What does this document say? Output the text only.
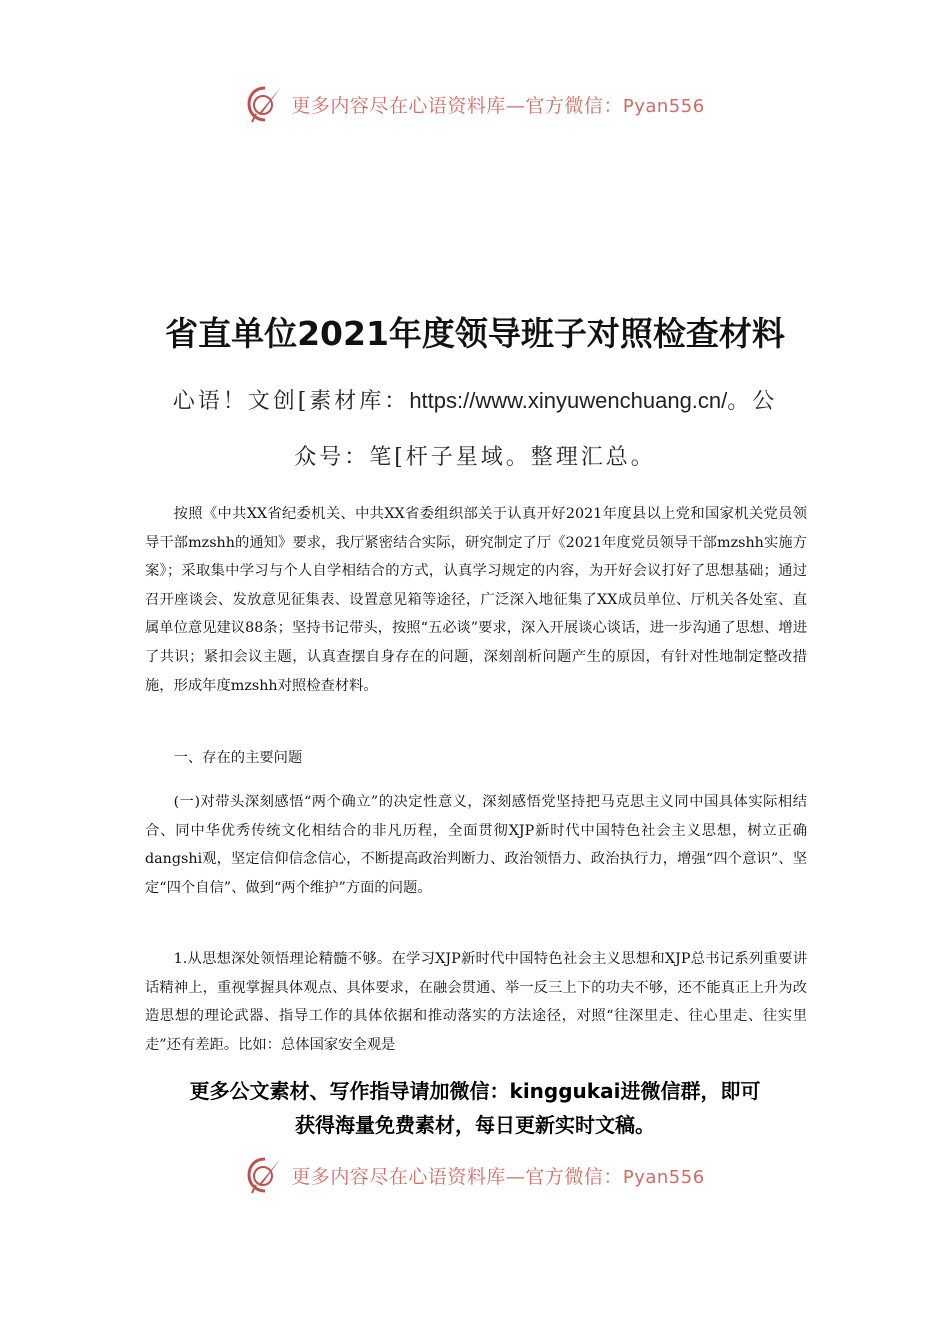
更多内容尽在心语资料库—官方微信：Pyan556
省直单位2021年度领导班子对照检查材料
心语！文创[素材库：https://www.xinyuwenchuang.cn/。公
众号：笔[杆子星域。整理汇总。

按照《中共XX省纪委机关、中共XX省委组织部关于认真开好2021年度县以上党和国家机关党员领导干部mzshh的通知》要求，我厅紧密结合实际，研究制定了厅《2021年度党员领导干部mzshh实施方案》；采取集中学习与个人自学相结合的方式，认真学习规定的内容，为开好会议打好了思想基础；通过召开座谈会、发放意见征集表、设置意见箱等途径，广泛深入地征集了XX成员单位、厅机关各处室、直属单位意见建议88条；坚持书记带头，按照“五必谈”要求，深入开展谈心谈话，进一步沟通了思想、增进了共识；紧扣会议主题，认真查摆自身存在的问题，深刻剖析问题产生的原因，有针对性地制定整改措施，形成年度mzshh对照检查材料。

一、存在的主要问题

(一)对带头深刻感悟“两个确立”的决定性意义，深刻感悟党坚持把马克思主义同中国具体实际相结合、同中华优秀传统文化相结合的非凡历程，全面贯彻XJP新时代中国特色社会主义思想，树立正确dangshi观，坚定信仰信念信心，不断提高政治判断力、政治领悟力、政治执行力，增强“四个意识”、坚定“四个自信”、做到“两个维护”方面的问题。

1.从思想深处领悟理论精髓不够。在学习XJP新时代中国特色社会主义思想和XJP总书记系列重要讲话精神上，重视掌握具体观点、具体要求，在融会贯通、举一反三上下的功夫不够，还不能真正上升为改造思想的理论武器、指导工作的具体依据和推动落实的方法途径，对照“往深里走、往心里走、往实里走”还有差距。比如：总体国家安全观是

更多公文素材、写作指导请加微信：kinggukai进微信群，即可
获得海量免费素材，每日更新实时文稿。
更多内容尽在心语资料库—官方微信：Pyan556
